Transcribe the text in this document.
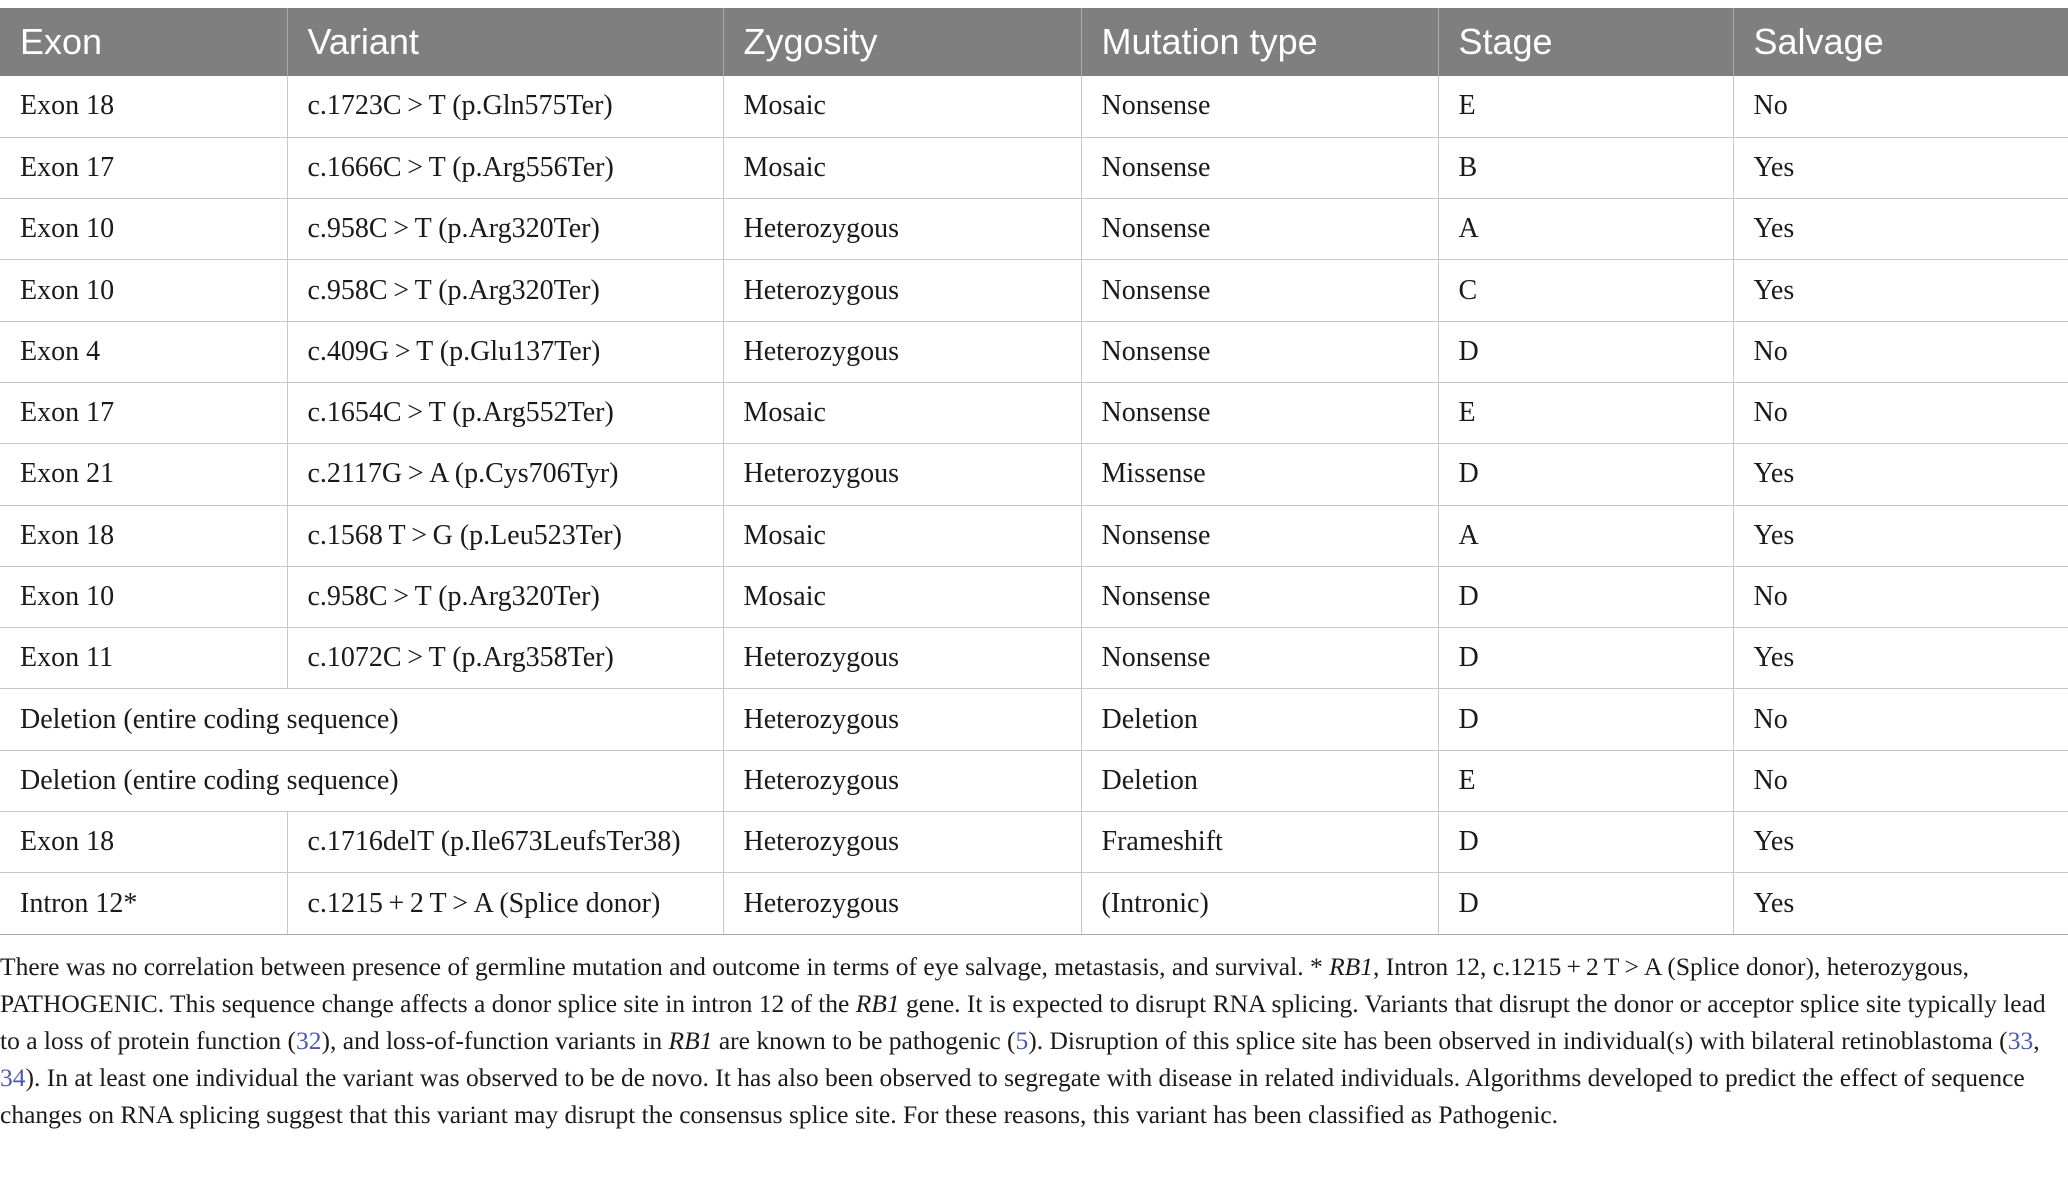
Exon	Variant	Zygosity	Mutation type	Stage	Salvage
Exon 18	c.1723C > T (p.Gln575Ter)	Mosaic	Nonsense	E	No
Exon 17	c.1666C > T (p.Arg556Ter)	Mosaic	Nonsense	B	Yes
Exon 10	c.958C > T (p.Arg320Ter)	Heterozygous	Nonsense	A	Yes
Exon 10	c.958C > T (p.Arg320Ter)	Heterozygous	Nonsense	C	Yes
Exon 4	c.409G > T (p.Glu137Ter)	Heterozygous	Nonsense	D	No
Exon 17	c.1654C > T (p.Arg552Ter)	Mosaic	Nonsense	E	No
Exon 21	c.2117G > A (p.Cys706Tyr)	Heterozygous	Missense	D	Yes
Exon 18	c.1568 T > G (p.Leu523Ter)	Mosaic	Nonsense	A	Yes
Exon 10	c.958C > T (p.Arg320Ter)	Mosaic	Nonsense	D	No
Exon 11	c.1072C > T (p.Arg358Ter)	Heterozygous	Nonsense	D	Yes
Deletion (entire coding sequence)		Heterozygous	Deletion	D	No
Deletion (entire coding sequence)		Heterozygous	Deletion	E	No
Exon 18	c.1716delT (p.Ile673LeufsTer38)	Heterozygous	Frameshift	D	Yes
Intron 12*	c.1215 + 2 T > A (Splice donor)	Heterozygous	(Intronic)	D	Yes

There was no correlation between presence of germline mutation and outcome in terms of eye salvage, metastasis, and survival. * RB1, Intron 12, c.1215 + 2 T > A (Splice donor), heterozygous, PATHOGENIC. This sequence change affects a donor splice site in intron 12 of the RB1 gene. It is expected to disrupt RNA splicing. Variants that disrupt the donor or acceptor splice site typically lead to a loss of protein function (32), and loss-of-function variants in RB1 are known to be pathogenic (5). Disruption of this splice site has been observed in individual(s) with bilateral retinoblastoma (33, 34). In at least one individual the variant was observed to be de novo. It has also been observed to segregate with disease in related individuals. Algorithms developed to predict the effect of sequence changes on RNA splicing suggest that this variant may disrupt the consensus splice site. For these reasons, this variant has been classified as Pathogenic.
